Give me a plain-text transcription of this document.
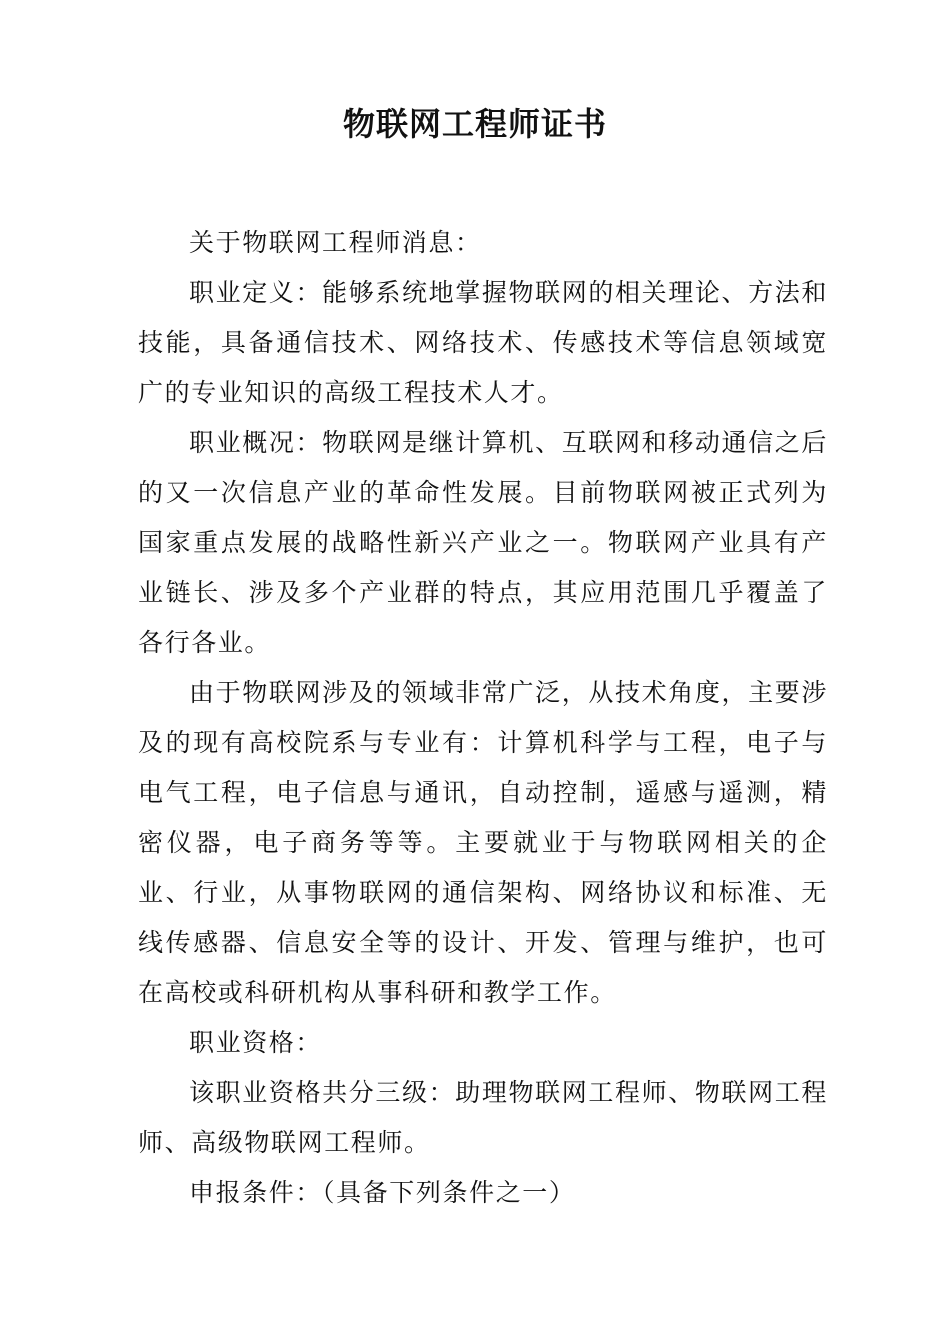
物联网工程师证书

关于物联网工程师消息：

职业定义：能够系统地掌握物联网的相关理论、方法和技能，具备通信技术、网络技术、传感技术等信息领域宽广的专业知识的高级工程技术人才。

职业概况：物联网是继计算机、互联网和移动通信之后的又一次信息产业的革命性发展。目前物联网被正式列为国家重点发展的战略性新兴产业之一。物联网产业具有产业链长、涉及多个产业群的特点，其应用范围几乎覆盖了各行各业。

由于物联网涉及的领域非常广泛，从技术角度，主要涉及的现有高校院系与专业有：计算机科学与工程，电子与电气工程，电子信息与通讯，自动控制，遥感与遥测，精密仪器，电子商务等等。主要就业于与物联网相关的企业、行业，从事物联网的通信架构、网络协议和标准、无线传感器、信息安全等的设计、开发、管理与维护，也可在高校或科研机构从事科研和教学工作。

职业资格：

该职业资格共分三级：助理物联网工程师、物联网工程师、高级物联网工程师。

申报条件：（具备下列条件之一）
